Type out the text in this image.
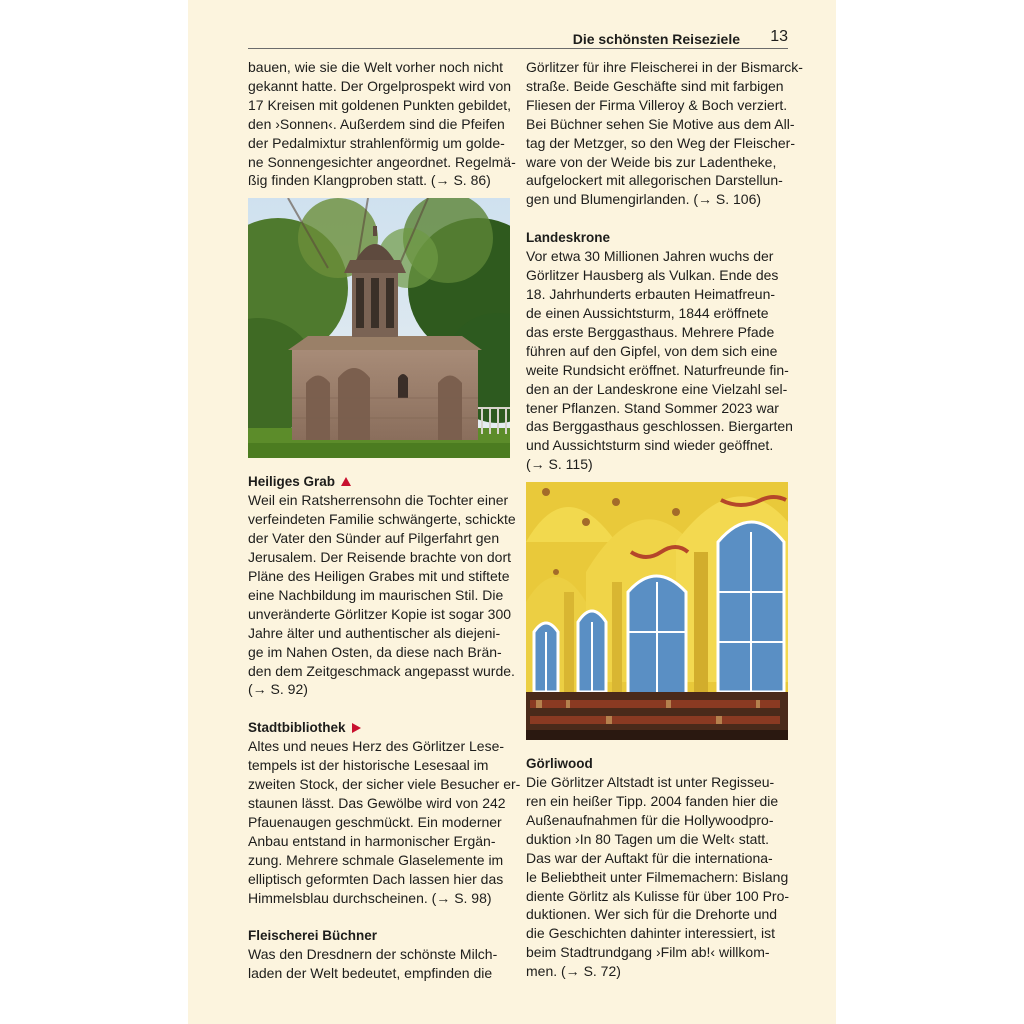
Die schönsten Reiseziele 13

bauen, wie sie die Welt vorher noch nicht
gekannt hatte. Der Orgelprospekt wird von
17 Kreisen mit goldenen Punkten gebildet,
den ›Sonnen‹. Außerdem sind die Pfeifen
der Pedalmixtur strahlenförmig um golde-
ne Sonnengesichter angeordnet. Regelmä-
ßig finden Klangproben statt. (→ S. 86)

Heiliges Grab

Weil ein Ratsherrensohn die Tochter einer
verfeindeten Familie schwängerte, schickte
der Vater den Sünder auf Pilgerfahrt gen
Jerusalem. Der Reisende brachte von dort
Pläne des Heiligen Grabes mit und stiftete
eine Nachbildung im maurischen Stil. Die
unveränderte Görlitzer Kopie ist sogar 300
Jahre älter und authentischer als diejeni-
ge im Nahen Osten, da diese nach Brän-
den dem Zeitgeschmack angepasst wurde.
(→ S. 92)

Stadtbibliothek

Altes und neues Herz des Görlitzer Lese-
tempels ist der historische Lesesaal im
zweiten Stock, der sicher viele Besucher er-
staunen lässt. Das Gewölbe wird von 242
Pfauenaugen geschmückt. Ein moderner
Anbau entstand in harmonischer Ergän-
zung. Mehrere schmale Glaselemente im
elliptisch geformten Dach lassen hier das
Himmelsblau durchscheinen. (→ S. 98)

Fleischerei Büchner

Was den Dresdnern der schönste Milch-
laden der Welt bedeutet, empfinden die

Görlitzer für ihre Fleischerei in der Bismarck-
straße. Beide Geschäfte sind mit farbigen
Fliesen der Firma Villeroy & Boch verziert.
Bei Büchner sehen Sie Motive aus dem All-
tag der Metzger, so den Weg der Fleischer-
ware von der Weide bis zur Ladentheke,
aufgelockert mit allegorischen Darstellun-
gen und Blumengirlanden. (→ S. 106)

Landeskrone

Vor etwa 30 Millionen Jahren wuchs der
Görlitzer Hausberg als Vulkan. Ende des
18. Jahrhunderts erbauten Heimatfreun-
de einen Aussichtsturm, 1844 eröffnete
das erste Berggasthaus. Mehrere Pfade
führen auf den Gipfel, von dem sich eine
weite Rundsicht eröffnet. Naturfreunde fin-
den an der Landeskrone eine Vielzahl sel-
tener Pflanzen. Stand Sommer 2023 war
das Berggasthaus geschlossen. Biergarten
und Aussichtsturm sind wieder geöffnet.
(→ S. 115)

Görliwood

Die Görlitzer Altstadt ist unter Regisseu-
ren ein heißer Tipp. 2004 fanden hier die
Außenaufnahmen für die Hollywoodpro-
duktion ›In 80 Tagen um die Welt‹ statt.
Das war der Auftakt für die internationa-
le Beliebtheit unter Filmemachern: Bislang
diente Görlitz als Kulisse für über 100 Pro-
duktionen. Wer sich für die Drehorte und
die Geschichten dahinter interessiert, ist
beim Stadtrundgang ›Film ab!‹ willkom-
men. (→ S. 72)
